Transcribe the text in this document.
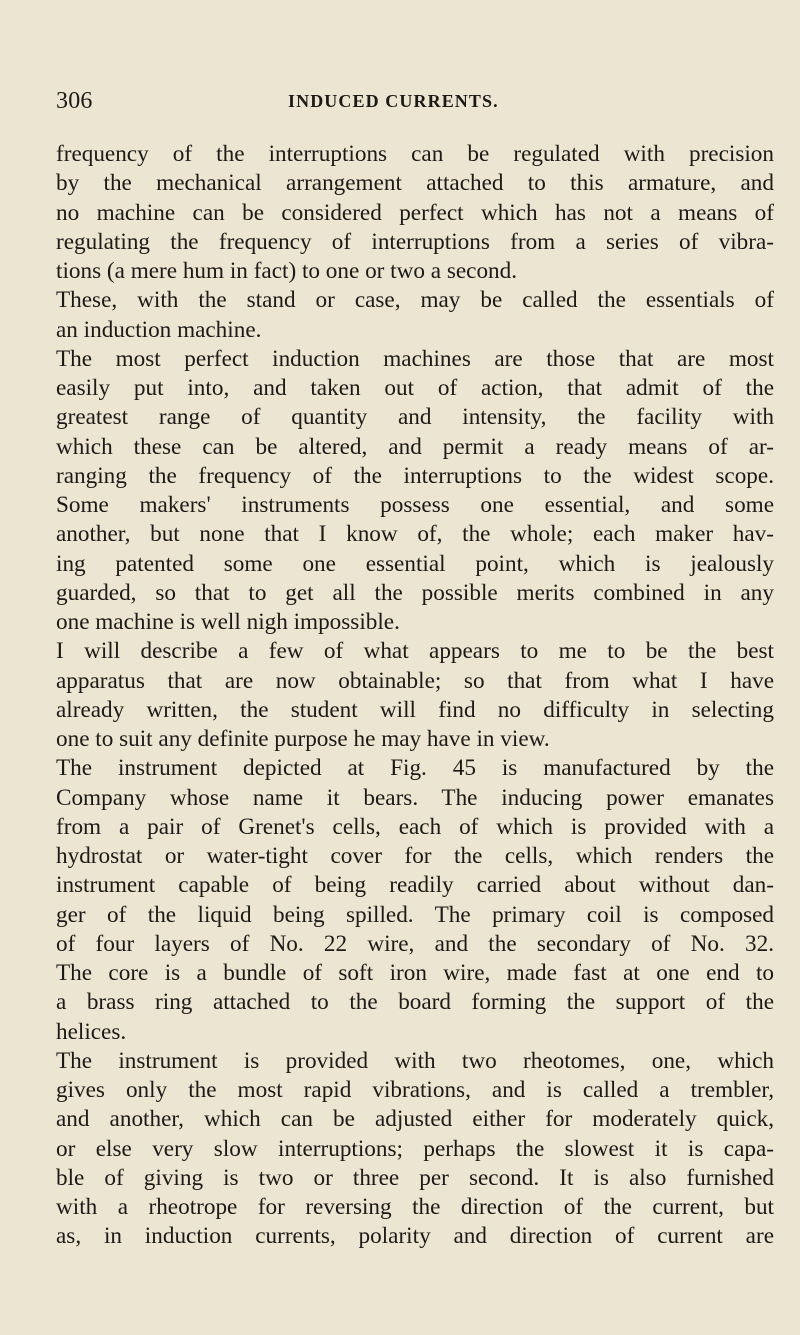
306	INDUCED CURRENTS.
frequency of the interruptions can be regulated with precision
by the mechanical arrangement attached to this armature, and
no machine can be considered perfect which has not a means of
regulating the frequency of interruptions from a series of vibra-
tions (a mere hum in fact) to one or two a second.
These, with the stand or case, may be called the essentials of
an induction machine.
The most perfect induction machines are those that are most
easily put into, and taken out of action, that admit of the
greatest range of quantity and intensity, the facility with
which these can be altered, and permit a ready means of ar-
ranging the frequency of the interruptions to the widest scope.
Some makers' instruments possess one essential, and some
another, but none that I know of, the whole; each maker hav-
ing patented some one essential point, which is jealously
guarded, so that to get all the possible merits combined in any
one machine is well nigh impossible.
I will describe a few of what appears to me to be the best
apparatus that are now obtainable; so that from what I have
already written, the student will find no difficulty in selecting
one to suit any definite purpose he may have in view.
The instrument depicted at Fig. 45 is manufactured by the
Company whose name it bears. The inducing power emanates
from a pair of Grenet's cells, each of which is provided with a
hydrostat or water-tight cover for the cells, which renders the
instrument capable of being readily carried about without dan-
ger of the liquid being spilled. The primary coil is composed
of four layers of No. 22 wire, and the secondary of No. 32.
The core is a bundle of soft iron wire, made fast at one end to
a brass ring attached to the board forming the support of the
helices.
The instrument is provided with two rheotomes, one, which
gives only the most rapid vibrations, and is called a trembler,
and another, which can be adjusted either for moderately quick,
or else very slow interruptions; perhaps the slowest it is capa-
ble of giving is two or three per second. It is also furnished
with a rheotrope for reversing the direction of the current, but
as, in induction currents, polarity and direction of current are
